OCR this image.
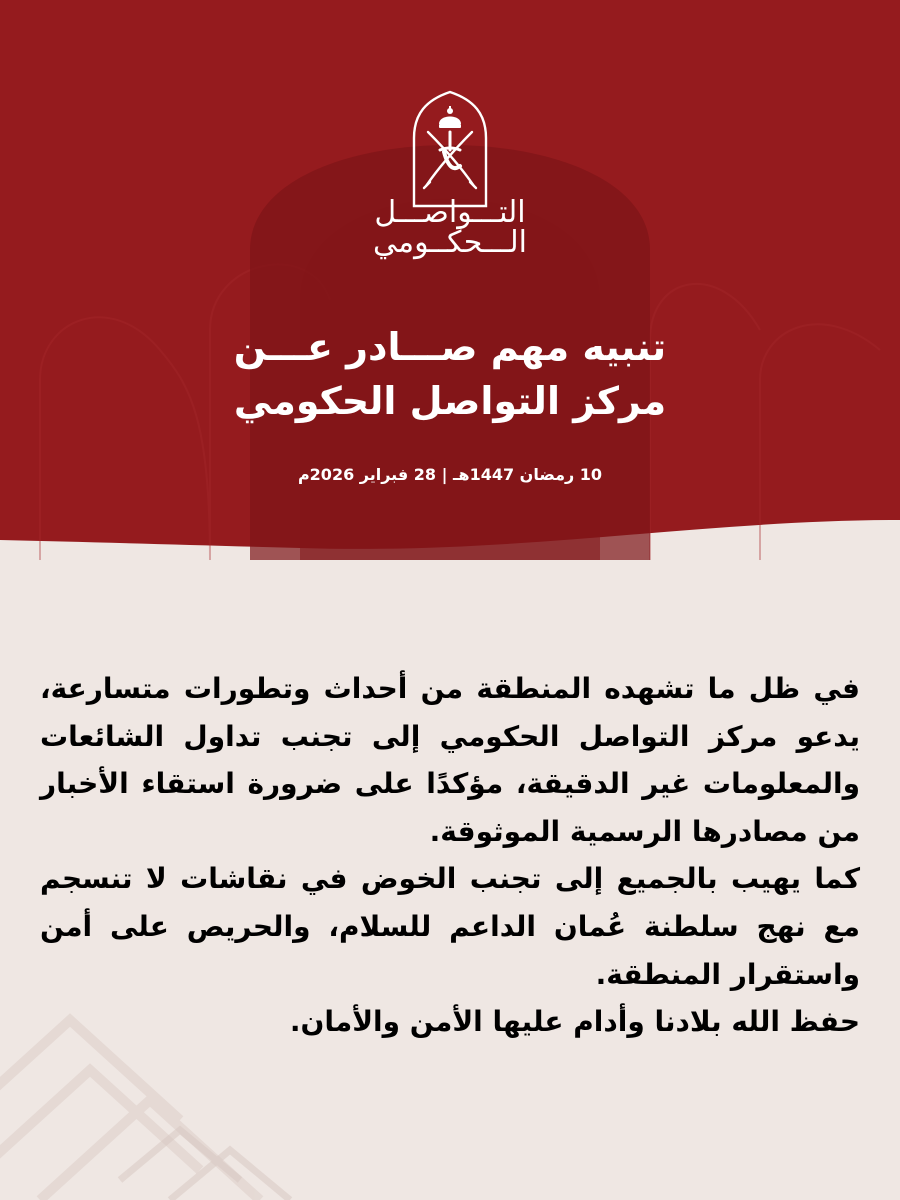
التـــواصـــل
الـــحكــومي
تنبيه مهم صـــادر عـــن
مركز التواصل الحكومي
10 رمضان 1447هـ | 28 فبراير 2026م

في ظل ما تشهده المنطقة من أحداث وتطورات متسارعة، يدعو مركز التواصل الحكومي إلى تجنب تداول الشائعات والمعلومات غير الدقيقة، مؤكدًا على ضرورة استقاء الأخبار من مصادرها الرسمية الموثوقة.

كما يهيب بالجميع إلى تجنب الخوض في نقاشات لا تنسجم مع نهج سلطنة عُمان الداعم للسلام، والحريص على أمن واستقرار المنطقة.

حفظ الله بلادنا وأدام عليها الأمن والأمان.
